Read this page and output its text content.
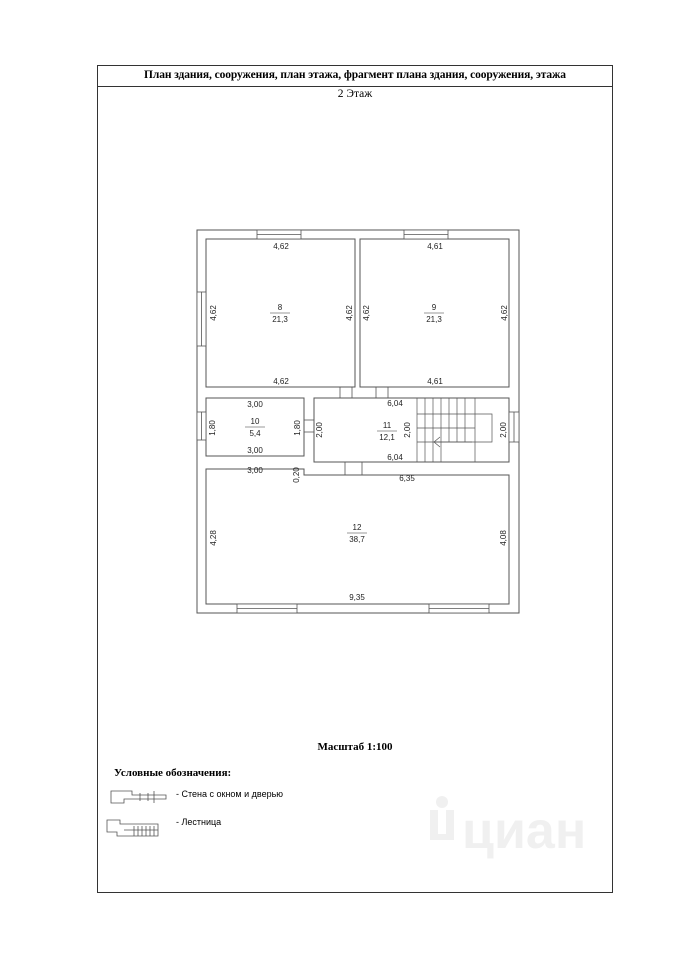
План здания, сооружения, план этажа, фрагмент плана здания, сооружения, этажа
2 Этаж
8
21,3
9
21,3
10
5,4
11
12,1
12
38,7
4,62
4,62
4,62	4,62
4,61
4,61
4,62	4,62
3,00
3,00
1,80	1,80
6,04
6,04
2,00	2,00	2,00
3,00
6,35
0,20
4,28	4,08
9,35
Масштаб 1:100
Условные обозначения:
- Стена с окном и дверью
- Лестница	циан
